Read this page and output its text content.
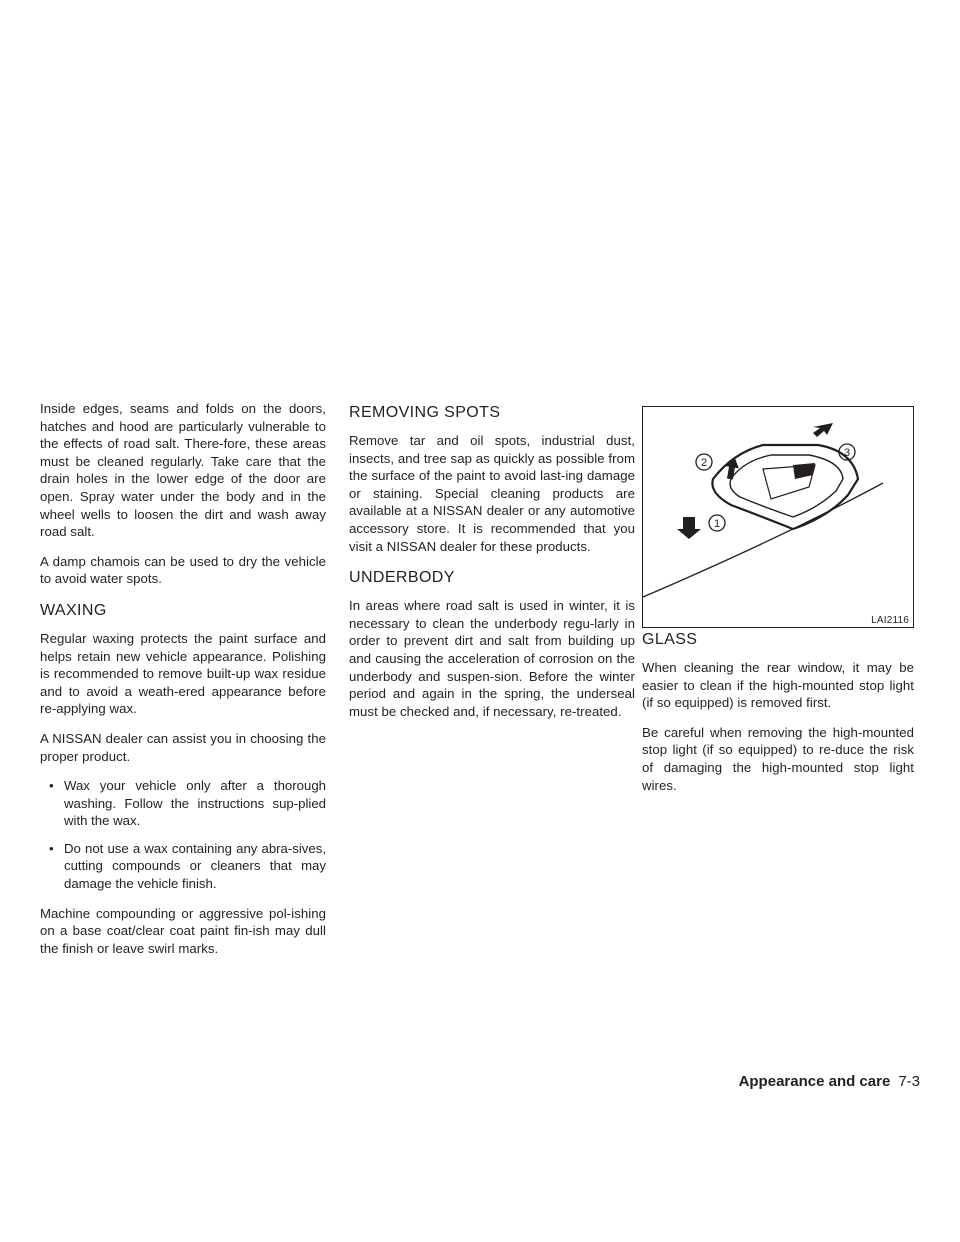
Inside edges, seams and folds on the doors, hatches and hood are particularly vulnerable to the effects of road salt. There-fore, these areas must be cleaned regularly. Take care that the drain holes in the lower edge of the door are open. Spray water under the body and in the wheel wells to loosen the dirt and wash away road salt.

A damp chamois can be used to dry the vehicle to avoid water spots.

WAXING

Regular waxing protects the paint surface and helps retain new vehicle appearance. Polishing is recommended to remove built-up wax residue and to avoid a weath-ered appearance before re-applying wax.

A NISSAN dealer can assist you in choosing the proper product.

• Wax your vehicle only after a thorough washing. Follow the instructions sup-plied with the wax.
• Do not use a wax containing any abra-sives, cutting compounds or cleaners that may damage the vehicle finish.

Machine compounding or aggressive pol-ishing on a base coat/clear coat paint fin-ish may dull the finish or leave swirl marks.

REMOVING SPOTS

Remove tar and oil spots, industrial dust, insects, and tree sap as quickly as possible from the surface of the paint to avoid last-ing damage or staining. Special cleaning products are available at a NISSAN dealer or any automotive accessory store. It is recommended that you visit a NISSAN dealer for these products.

UNDERBODY

In areas where road salt is used in winter, it is necessary to clean the underbody regu-larly in order to prevent dirt and salt from building up and causing the acceleration of corrosion on the underbody and suspen-sion. Before the winter period and again in the spring, the underseal must be checked and, if necessary, re-treated.

1
2
3
LAI2116
GLASS

When cleaning the rear window, it may be easier to clean if the high-mounted stop light (if so equipped) is removed first.

Be careful when removing the high-mounted stop light (if so equipped) to re-duce the risk of damaging the high-mounted stop light wires.

Appearance and care 7-3
